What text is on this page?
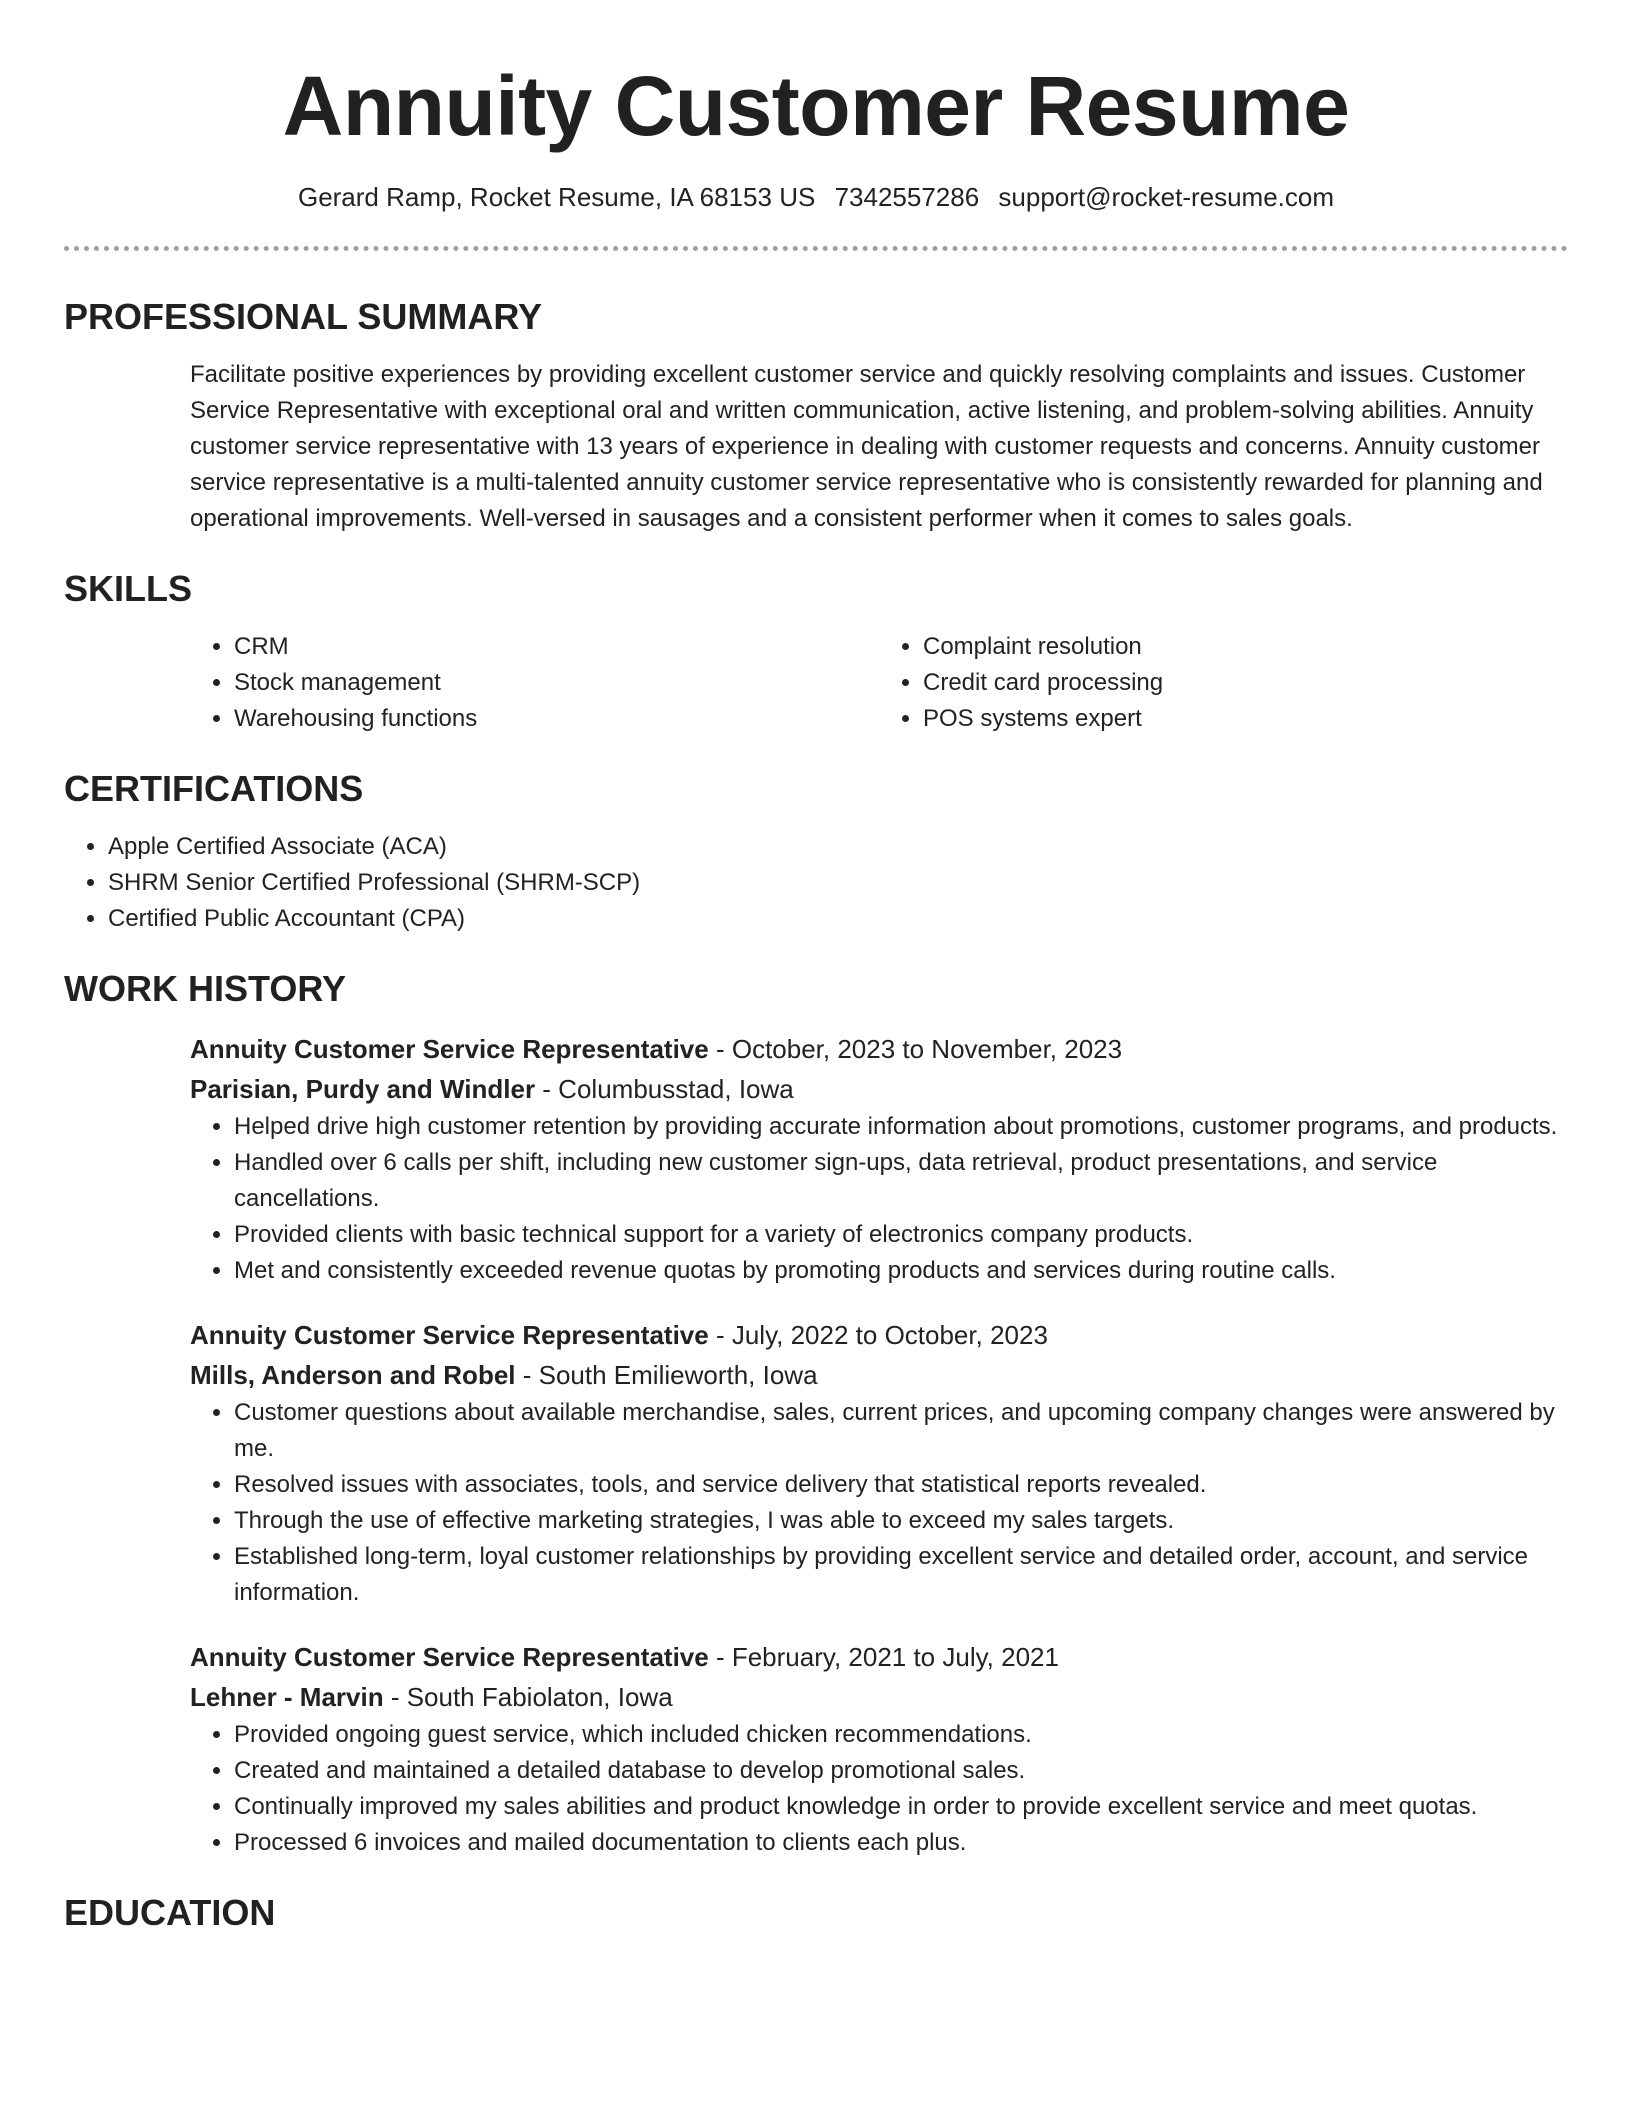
Annuity Customer Resume
Gerard Ramp, Rocket Resume, IA 68153 US 7342557286 support@rocket-resume.com
PROFESSIONAL SUMMARY

Facilitate positive experiences by providing excellent customer service and quickly resolving complaints and issues. Customer Service Representative with exceptional oral and written communication, active listening, and problem-solving abilities. Annuity customer service representative with 13 years of experience in dealing with customer requests and concerns. Annuity customer service representative is a multi-talented annuity customer service representative who is consistently rewarded for planning and operational improvements. Well-versed in sausages and a consistent performer when it comes to sales goals.

SKILLS
• CRM
• Stock management
• Warehousing functions
• Complaint resolution
• Credit card processing
• POS systems expert
CERTIFICATIONS
• Apple Certified Associate (ACA)
• SHRM Senior Certified Professional (SHRM-SCP)
• Certified Public Accountant (CPA)
WORK HISTORY
Annuity Customer Service Representative - October, 2023 to November, 2023
Parisian, Purdy and Windler - Columbusstad, Iowa
• Helped drive high customer retention by providing accurate information about promotions, customer programs, and products.
• Handled over 6 calls per shift, including new customer sign-ups, data retrieval, product presentations, and service cancellations.
• Provided clients with basic technical support for a variety of electronics company products.
• Met and consistently exceeded revenue quotas by promoting products and services during routine calls.
Annuity Customer Service Representative - July, 2022 to October, 2023
Mills, Anderson and Robel - South Emilieworth, Iowa
• Customer questions about available merchandise, sales, current prices, and upcoming company changes were answered by me.
• Resolved issues with associates, tools, and service delivery that statistical reports revealed.
• Through the use of effective marketing strategies, I was able to exceed my sales targets.
• Established long-term, loyal customer relationships by providing excellent service and detailed order, account, and service information.
Annuity Customer Service Representative - February, 2021 to July, 2021
Lehner - Marvin - South Fabiolaton, Iowa
• Provided ongoing guest service, which included chicken recommendations.
• Created and maintained a detailed database to develop promotional sales.
• Continually improved my sales abilities and product knowledge in order to provide excellent service and meet quotas.
• Processed 6 invoices and mailed documentation to clients each plus.
EDUCATION
